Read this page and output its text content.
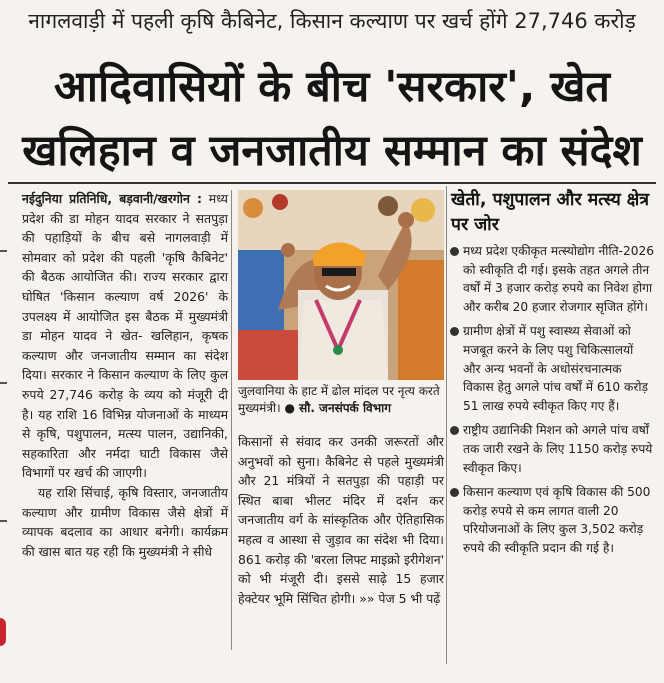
नागलवाड़ी में पहली कृषि कैबिनेट, किसान कल्याण पर खर्च होंगे 27,746 करोड़
आदिवासियों के बीच 'सरकार', खेत
खलिहान व जनजातीय सम्मान का संदेश

नईदुनिया प्रतिनिधि, बड़वानी/खरगोन : मध्य प्रदेश की डा मोहन यादव सरकार ने सतपुड़ा की पहाड़ियों के बीच बसे नागलवाड़ी में सोमवार को प्रदेश की पहली 'कृषि कैबिनेट' की बैठक आयोजित की। राज्य सरकार द्वारा घोषित 'किसान कल्याण वर्ष 2026' के उपलक्ष्य में आयोजित इस बैठक में मुख्यमंत्री डा मोहन यादव ने खेत- खलिहान, कृषक कल्याण और जनजातीय सम्मान का संदेश दिया। सरकार ने किसान कल्याण के लिए कुल रुपये 27,746 करोड़ के व्यय को मंजूरी दी है। यह राशि 16 विभिन्न योजनाओं के माध्यम से कृषि, पशुपालन, मत्स्य पालन, उद्यानिकी, सहकारिता और नर्मदा घाटी विकास जैसे विभागों पर खर्च की जाएगी।

यह राशि सिंचाई, कृषि विस्तार, जनजातीय कल्याण और ग्रामीण विकास जैसे क्षेत्रों में व्यापक बदलाव का आधार बनेगी। कार्यक्रम की खास बात यह रही कि मुख्यमंत्री ने सीधे

जुलवानिया के हाट में ढोल मांदल पर नृत्य करते मुख्यमंत्री। ● सौ. जनसंपर्क विभाग

किसानों से संवाद कर उनकी जरूरतों और अनुभवों को सुना। कैबिनेट से पहले मुख्यमंत्री और 21 मंत्रियों ने सतपुड़ा की पहाड़ी पर स्थित बाबा भीलट मंदिर में दर्शन कर जनजातीय वर्ग के सांस्कृतिक और ऐतिहासिक महत्व व आस्था से जुड़ाव का संदेश भी दिया। 861 करोड़ की 'बरला लिफ्ट माइक्रो इरीगेशन' को भी मंजूरी दी। इससे साढ़े 15 हजार हेक्टेयर भूमि सिंचित होगी। »» पेज 5 भी पढ़ें

खेती, पशुपालन और मत्स्य क्षेत्र पर जोर
मध्य प्रदेश एकीकृत मत्स्योद्योग नीति-2026 को स्वीकृति दी गई। इसके तहत अगले तीन वर्षों में 3 हजार करोड़ रुपये का निवेश होगा और करीब 20 हजार रोजगार सृजित होंगे।
ग्रामीण क्षेत्रों में पशु स्वास्थ्य सेवाओं को मजबूत करने के लिए पशु चिकित्सालयों और अन्य भवनों के अधोसंरचनात्मक विकास हेतु अगले पांच वर्षों में 610 करोड़ 51 लाख रुपये स्वीकृत किए गए हैं।
राष्ट्रीय उद्यानिकी मिशन को अगले पांच वर्षों तक जारी रखने के लिए 1150 करोड़ रुपये स्वीकृत किए।
किसान कल्याण एवं कृषि विकास की 500 करोड़ रुपये से कम लागत वाली 20 परियोजनाओं के लिए कुल 3,502 करोड़ रुपये की स्वीकृति प्रदान की गई है।
